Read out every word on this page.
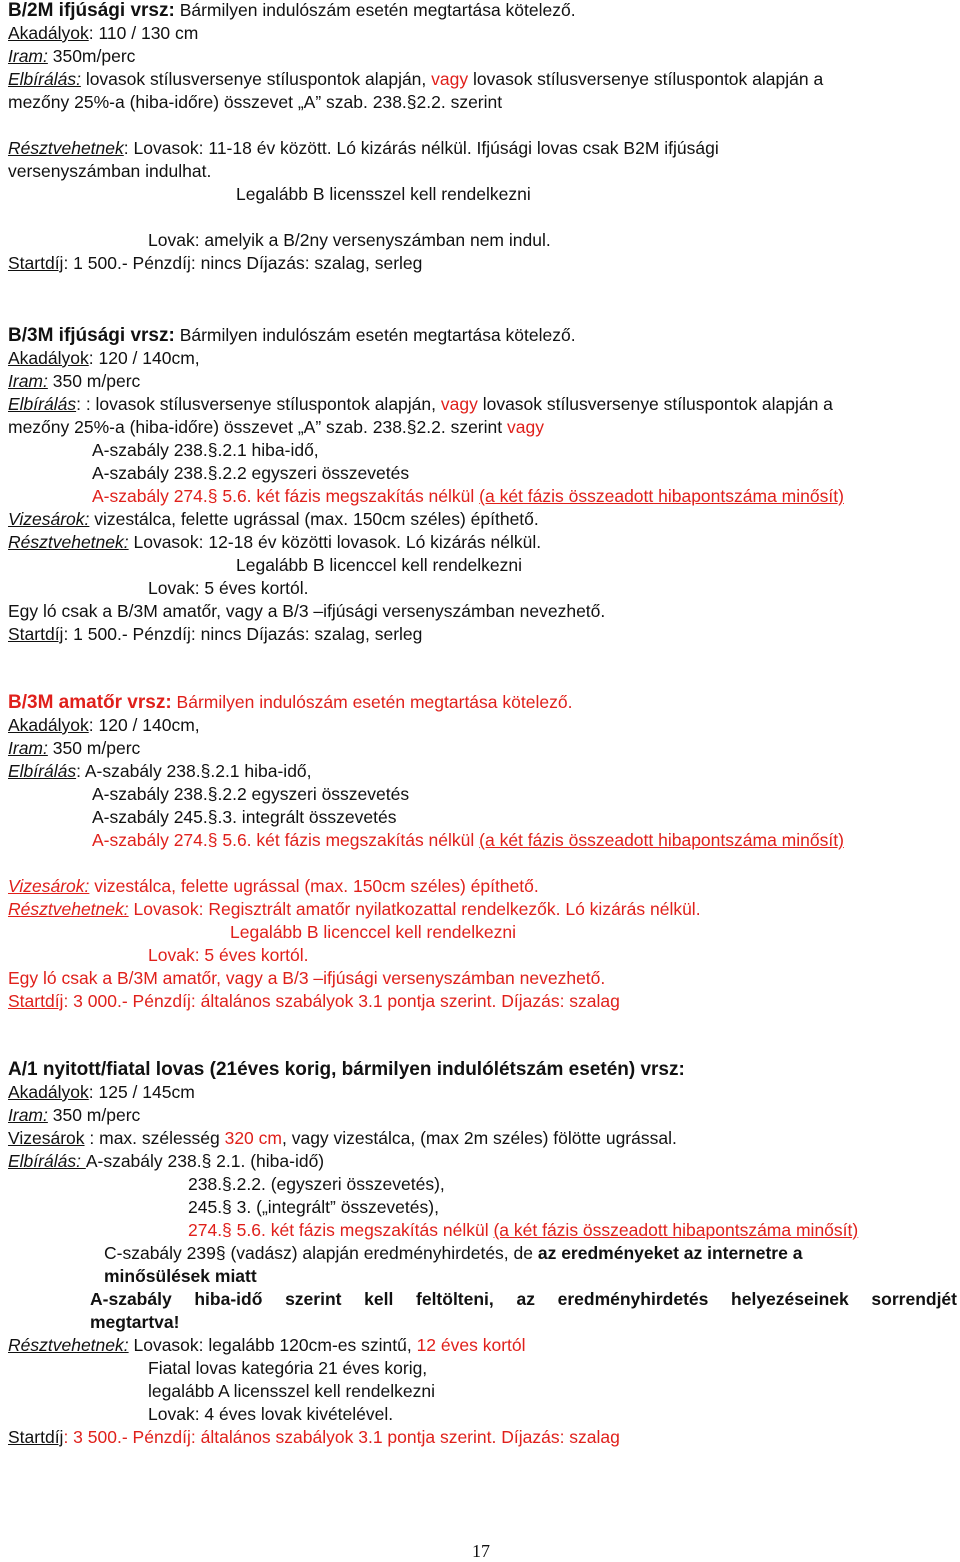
B/2M ifjúsági vrsz: Bármilyen indulószám esetén megtartása kötelező.
Akadályok: 110 / 130 cm
Iram: 350m/perc
Elbírálás: lovasok stílusversenye stíluspontok alapján, vagy lovasok stílusversenye stíluspontok alapján a
mezőny 25%-a (hiba-időre) összevet „A” szab. 238.§2.2. szerint
Résztvehetnek: Lovasok: 11-18 év között. Ló kizárás nélkül. Ifjúsági lovas csak B2M ifjúsági
versenyszámban indulhat.
Legalább B licensszel kell rendelkezni
Lovak: amelyik a B/2ny versenyszámban nem indul.
Startdíj: 1 500.- Pénzdíj: nincs Díjazás: szalag, serleg
B/3M ifjúsági vrsz: Bármilyen indulószám esetén megtartása kötelező.
Akadályok: 120 / 140cm,
Iram: 350 m/perc
Elbírálás: : lovasok stílusversenye stíluspontok alapján, vagy lovasok stílusversenye stíluspontok alapján a
mezőny 25%-a (hiba-időre) összevet „A” szab. 238.§2.2. szerint vagy
A-szabály 238.§.2.1 hiba-idő,
A-szabály 238.§.2.2 egyszeri összevetés
A-szabály 274.§ 5.6. két fázis megszakítás nélkül (a két fázis összeadott hibapontszáma minősít)
Vizesárok: vizestálca, felette ugrással (max. 150cm széles) építhető.
Résztvehetnek: Lovasok: 12-18 év közötti lovasok. Ló kizárás nélkül.
Legalább B licenccel kell rendelkezni
Lovak: 5 éves kortól.
Egy ló csak a B/3M amatőr, vagy a B/3 –ifjúsági versenyszámban nevezhető.
Startdíj: 1 500.- Pénzdíj: nincs Díjazás: szalag, serleg
B/3M amatőr vrsz: Bármilyen indulószám esetén megtartása kötelező.
Akadályok: 120 / 140cm,
Iram: 350 m/perc
Elbírálás: A-szabály 238.§.2.1 hiba-idő,
A-szabály 238.§.2.2 egyszeri összevetés
A-szabály 245.§.3. integrált összevetés
A-szabály 274.§ 5.6. két fázis megszakítás nélkül (a két fázis összeadott hibapontszáma minősít)
Vizesárok: vizestálca, felette ugrással (max. 150cm széles) építhető.
Résztvehetnek: Lovasok: Regisztrált amatőr nyilatkozattal rendelkezők. Ló kizárás nélkül.
Legalább B licenccel kell rendelkezni
Lovak: 5 éves kortól.
Egy ló csak a B/3M amatőr, vagy a B/3 –ifjúsági versenyszámban nevezhető.
Startdíj: 3 000.- Pénzdíj: általános szabályok 3.1 pontja szerint. Díjazás: szalag
A/1 nyitott/fiatal lovas (21éves korig, bármilyen indulólétszám esetén) vrsz:
Akadályok: 125 / 145cm
Iram: 350 m/perc
Vizesárok : max. szélesség 320 cm, vagy vizestálca, (max 2m széles) fölötte ugrással.
Elbírálás: A-szabály 238.§ 2.1. (hiba-idő)
238.§.2.2. (egyszeri összevetés),
245.§ 3. („integrált” összevetés),
274.§ 5.6. két fázis megszakítás nélkül (a két fázis összeadott hibapontszáma minősít)
C-szabály 239§ (vadász) alapján eredményhirdetés, de az eredményeket az internetre a
minősülések miatt
A-szabály hiba-idő szerint kell feltölteni, az eredményhirdetés helyezéseinek sorrendjét
megtartva!
Résztvehetnek: Lovasok: legalább 120cm-es szintű, 12 éves kortól
Fiatal lovas kategória 21 éves korig,
legalább A licensszel kell rendelkezni
Lovak: 4 éves lovak kivételével.
Startdíj: 3 500.- Pénzdíj: általános szabályok 3.1 pontja szerint. Díjazás: szalag
17
